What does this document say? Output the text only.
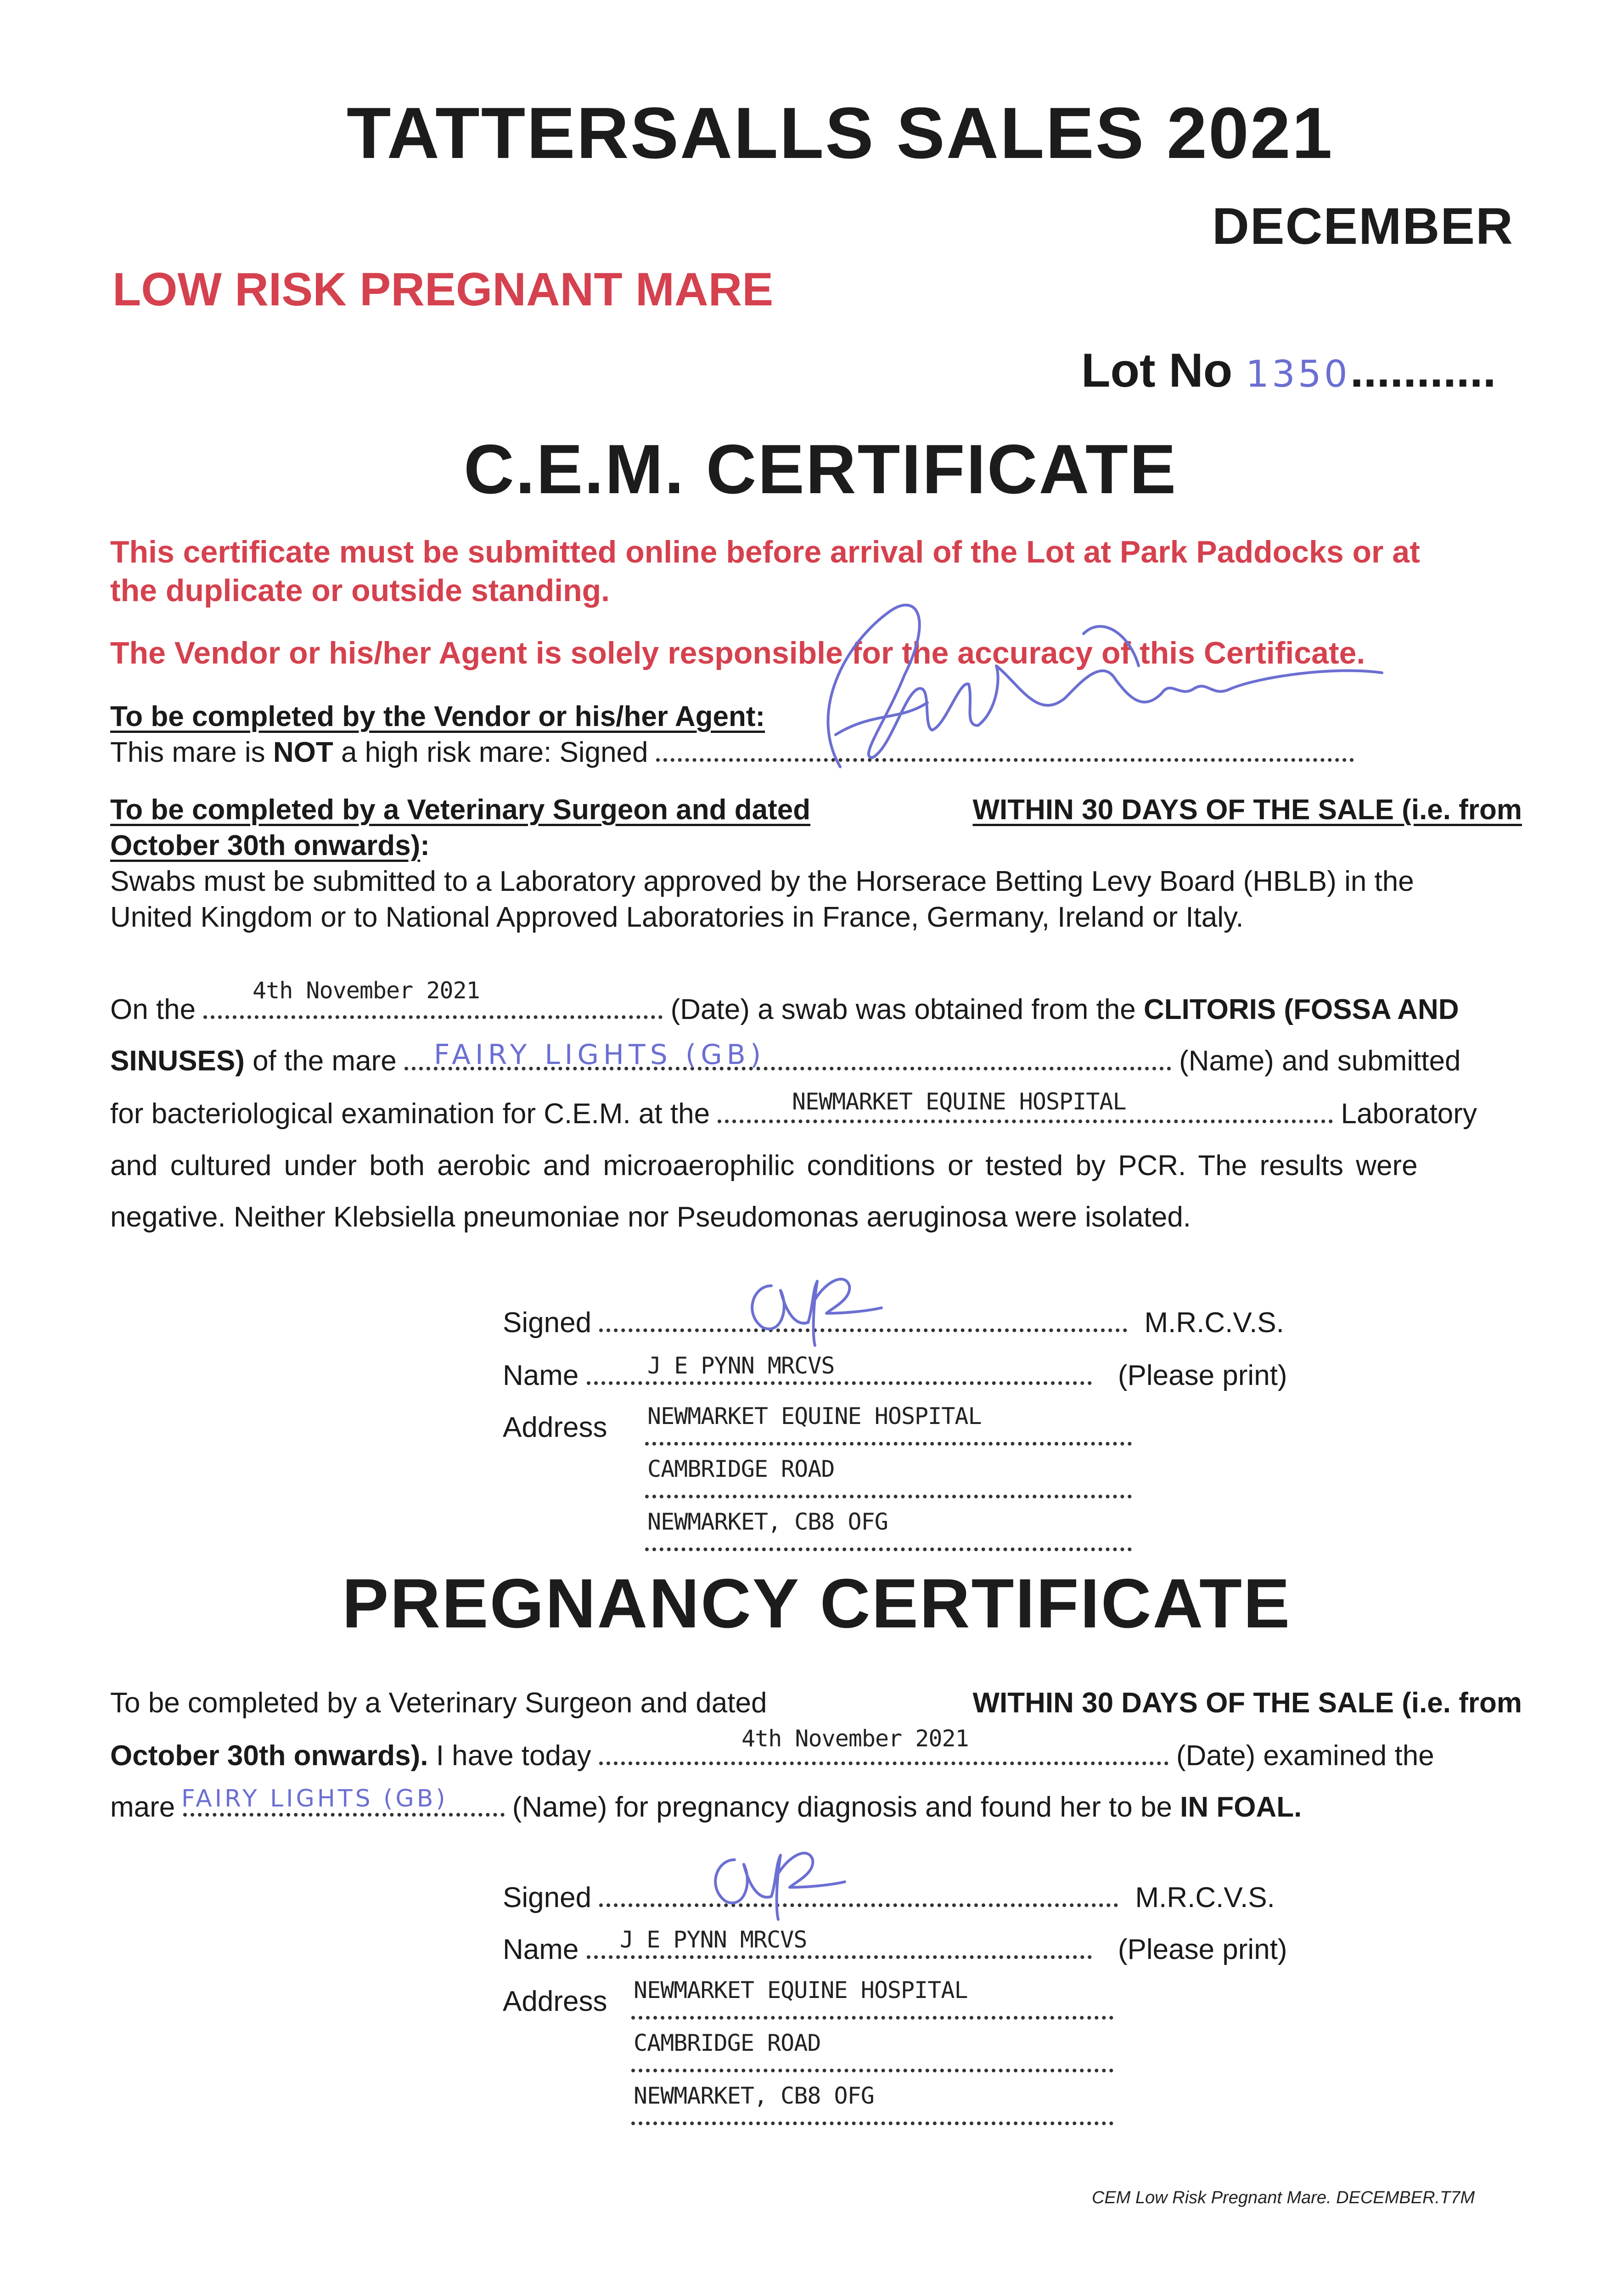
TATTERSALLS SALES 2021
DECEMBER
LOW RISK PREGNANT MARE
Lot No 1350...........
C.E.M. CERTIFICATE
This certificate must be submitted online before arrival of the Lot at Park Paddocks or at
the duplicate or outside standing.
The Vendor or his/her Agent is solely responsible for the accuracy of this Certificate.
To be completed by the Vendor or his/her Agent:
This mare is NOT a high risk mare: Signed
To be completed by a Veterinary Surgeon and dated	WITHIN 30 DAYS OF THE SALE (i.e. from
October 30th onwards):
Swabs must be submitted to a Laboratory approved by the Horserace Betting Levy Board (HBLB) in the
United Kingdom or to National Approved Laboratories in France, Germany, Ireland or Italy.
On the	(Date) a swab was obtained from the CLITORIS (FOSSA AND
4th November 2021
SINUSES) of the mare	(Name) and submitted
FAIRY LIGHTS (GB)
for bacteriological examination for C.E.M. at the	Laboratory
NEWMARKET EQUINE HOSPITAL
and cultured under both aerobic and microaerophilic conditions or tested by PCR. The results were
negative. Neither Klebsiella pneumoniae nor Pseudomonas aeruginosa were isolated.
Signed	M.R.C.V.S.
Name	(Please print)
J E PYNN MRCVS
Address NEWMARKET EQUINE HOSPITAL
CAMBRIDGE ROAD
NEWMARKET, CB8 OFG
PREGNANCY CERTIFICATE
To be completed by a Veterinary Surgeon and dated	WITHIN 30 DAYS OF THE SALE (i.e. from
October 30th onwards). I have today	(Date) examined the
4th November 2021
mare	(Name) for pregnancy diagnosis and found her to be IN FOAL.
FAIRY LIGHTS (GB)
Signed	M.R.C.V.S.
Name	(Please print)
J E PYNN MRCVS
Address NEWMARKET EQUINE HOSPITAL
CAMBRIDGE ROAD
NEWMARKET, CB8 OFG
CEM Low Risk Pregnant Mare. DECEMBER.T7M
